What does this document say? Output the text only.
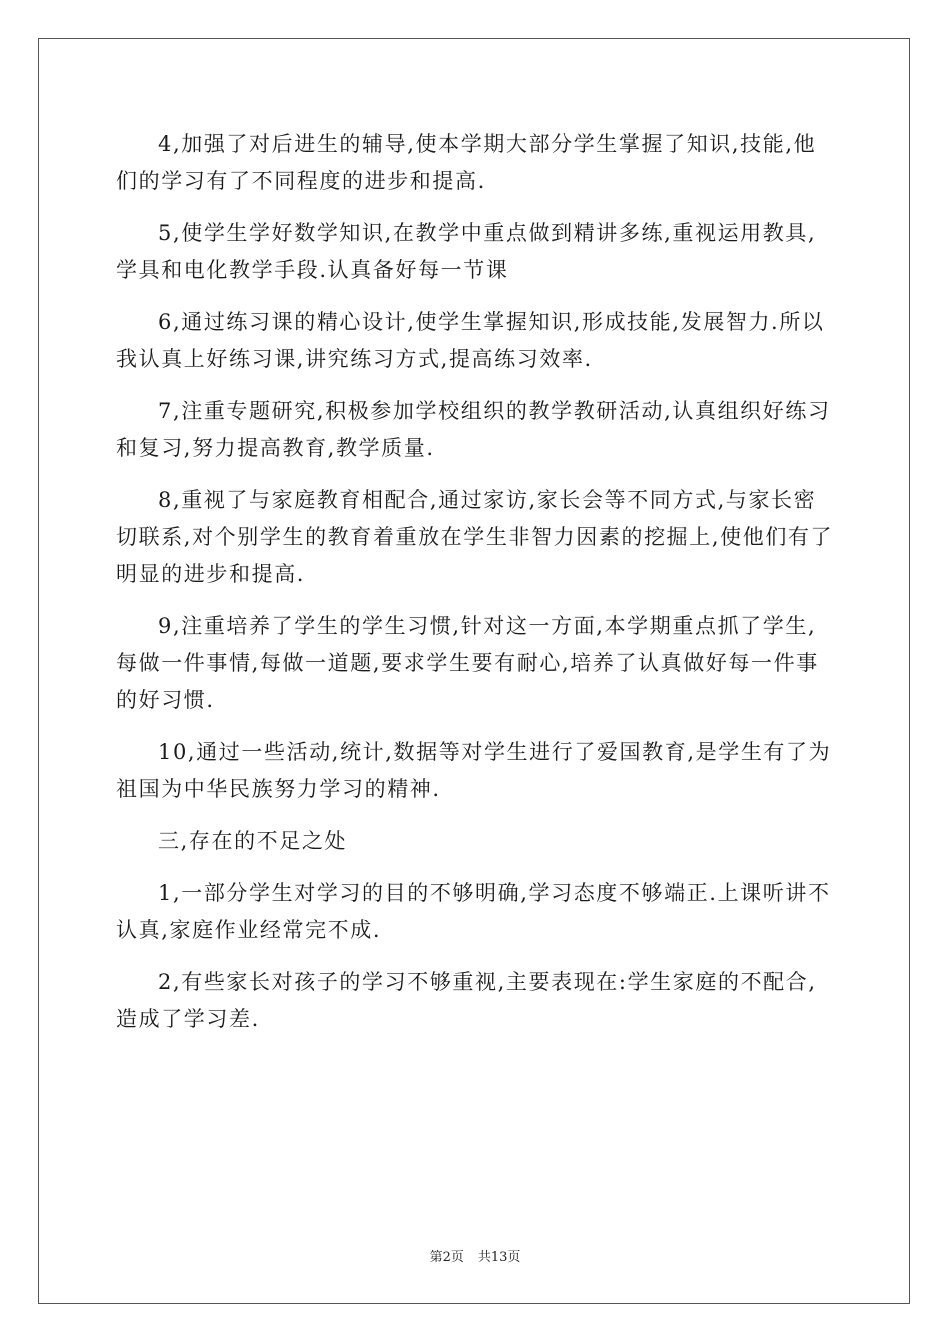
4,加强了对后进生的辅导,使本学期大部分学生掌握了知识,技能,他们的学习有了不同程度的进步和提高.

5,使学生学好数学知识,在教学中重点做到精讲多练,重视运用教具,学具和电化教学手段.认真备好每一节课

6,通过练习课的精心设计,使学生掌握知识,形成技能,发展智力.所以我认真上好练习课,讲究练习方式,提高练习效率.

7,注重专题研究,积极参加学校组织的教学教研活动,认真组织好练习和复习,努力提高教育,教学质量.

8,重视了与家庭教育相配合,通过家访,家长会等不同方式,与家长密切联系,对个别学生的教育着重放在学生非智力因素的挖掘上,使他们有了明显的进步和提高.

9,注重培养了学生的学生习惯,针对这一方面,本学期重点抓了学生,每做一件事情,每做一道题,要求学生要有耐心,培养了认真做好每一件事的好习惯.

10,通过一些活动,统计,数据等对学生进行了爱国教育,是学生有了为祖国为中华民族努力学习的精神.

三,存在的不足之处

1,一部分学生对学习的目的不够明确,学习态度不够端正.上课听讲不认真,家庭作业经常完不成.

2,有些家长对孩子的学习不够重视,主要表现在:学生家庭的不配合,造成了学习差.

第2页 共13页
